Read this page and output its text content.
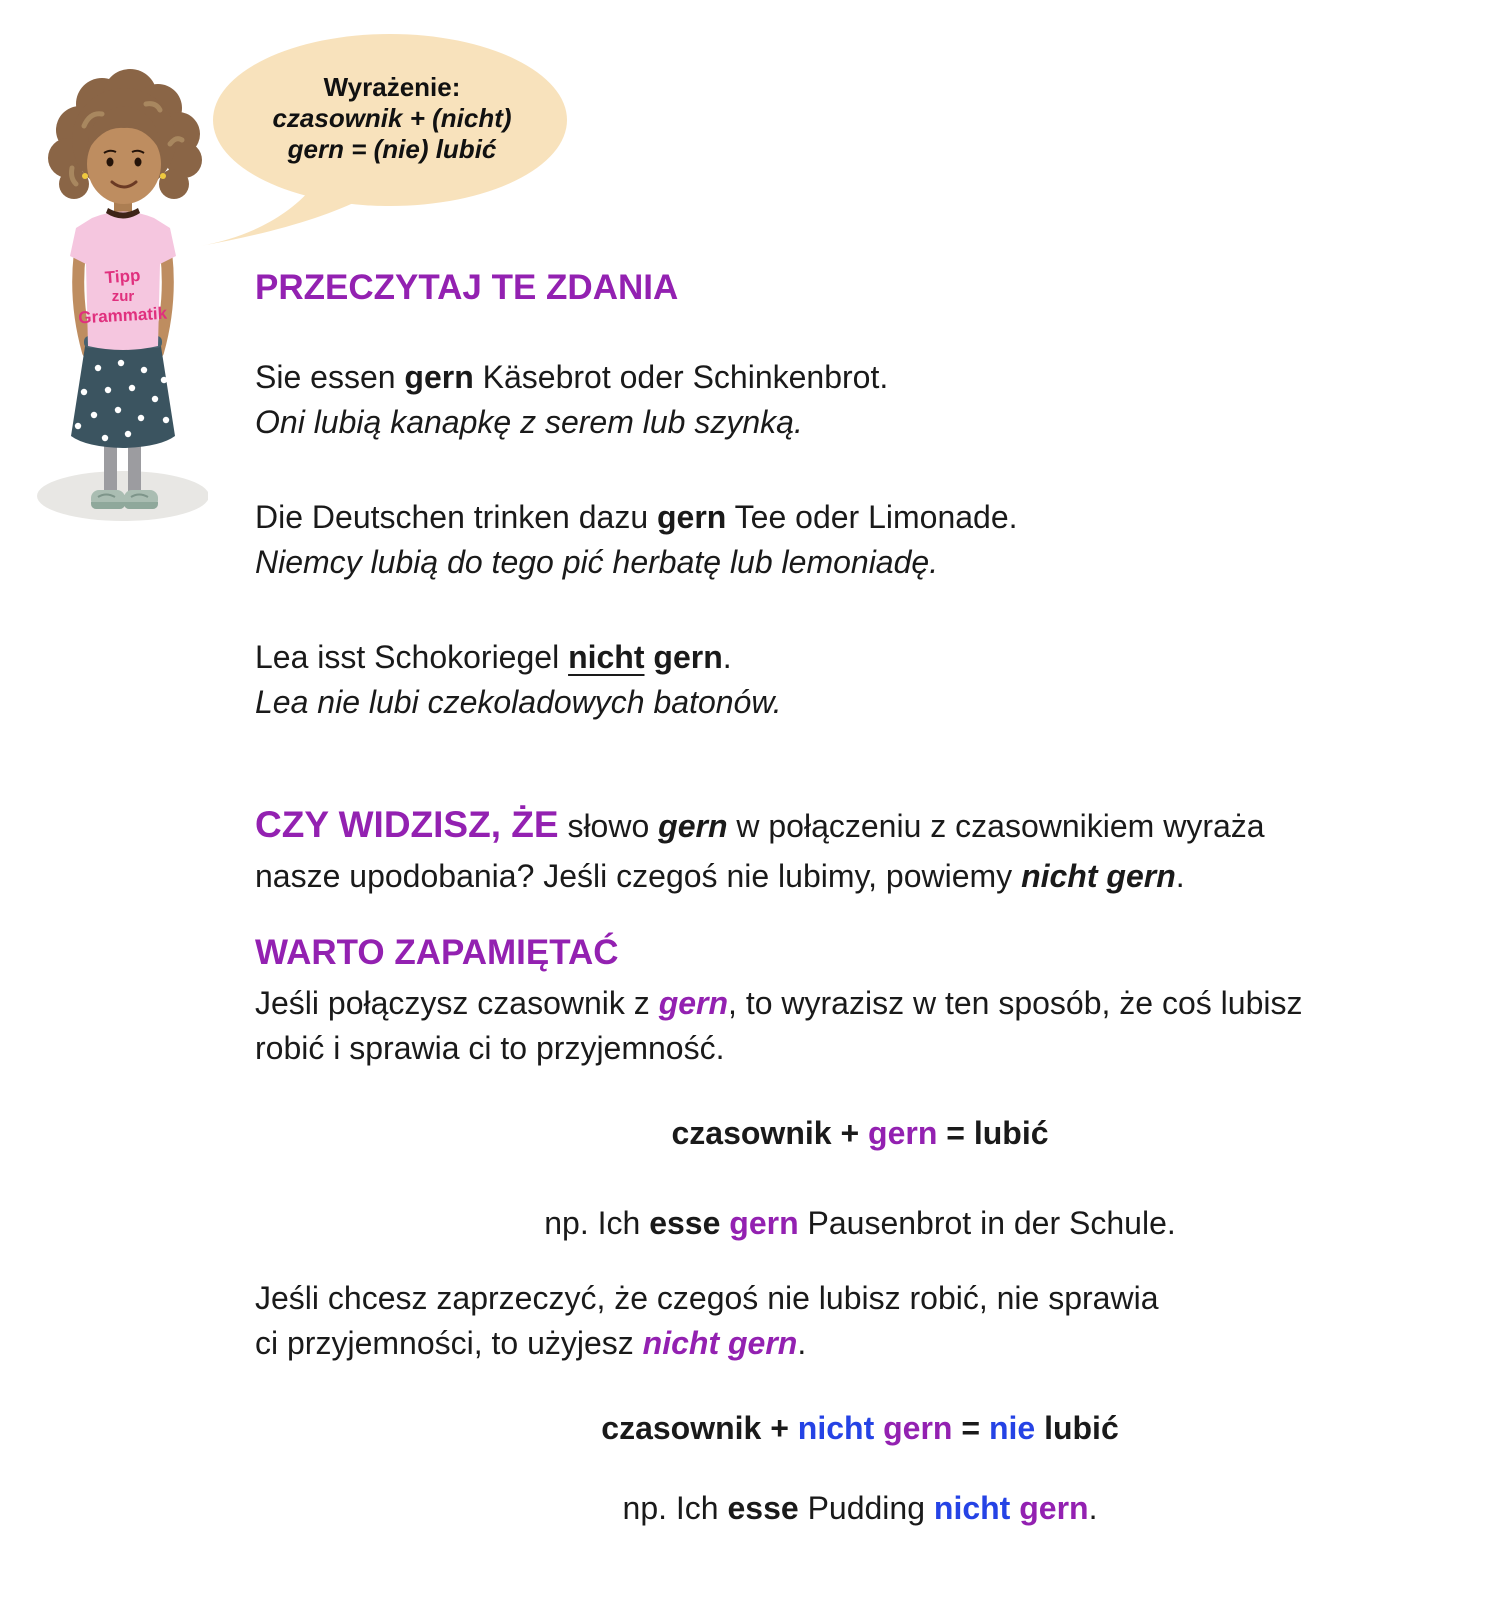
Tipp
zur
Grammatik
Wyrażenie:
czasownik + (nicht)
gern = (nie) lubić
PRZECZYTAJ TE ZDANIA

Sie essen gern Käsebrot oder Schinkenbrot.

Oni lubią kanapkę z serem lub szynką.

Die Deutschen trinken dazu gern Tee oder Limonade.

Niemcy lubią do tego pić herbatę lub lemoniadę.

Lea isst Schokoriegel nicht gern.

Lea nie lubi czekoladowych batonów.

CZY WIDZISZ, ŻE słowo gern w połączeniu z czasownikiem wyraża
nasze upodobania? Jeśli czegoś nie lubimy, powiemy nicht gern.

WARTO ZAPAMIĘTAĆ

Jeśli połączysz czasownik z gern, to wyrazisz w ten sposób, że coś lubisz
robić i sprawia ci to przyjemność.

czasownik + gern = lubić

np. Ich esse gern Pausenbrot in der Schule.

Jeśli chcesz zaprzeczyć, że czegoś nie lubisz robić, nie sprawia
ci przyjemności, to użyjesz nicht gern.

czasownik + nicht gern = nie lubić

np. Ich esse Pudding nicht gern.
